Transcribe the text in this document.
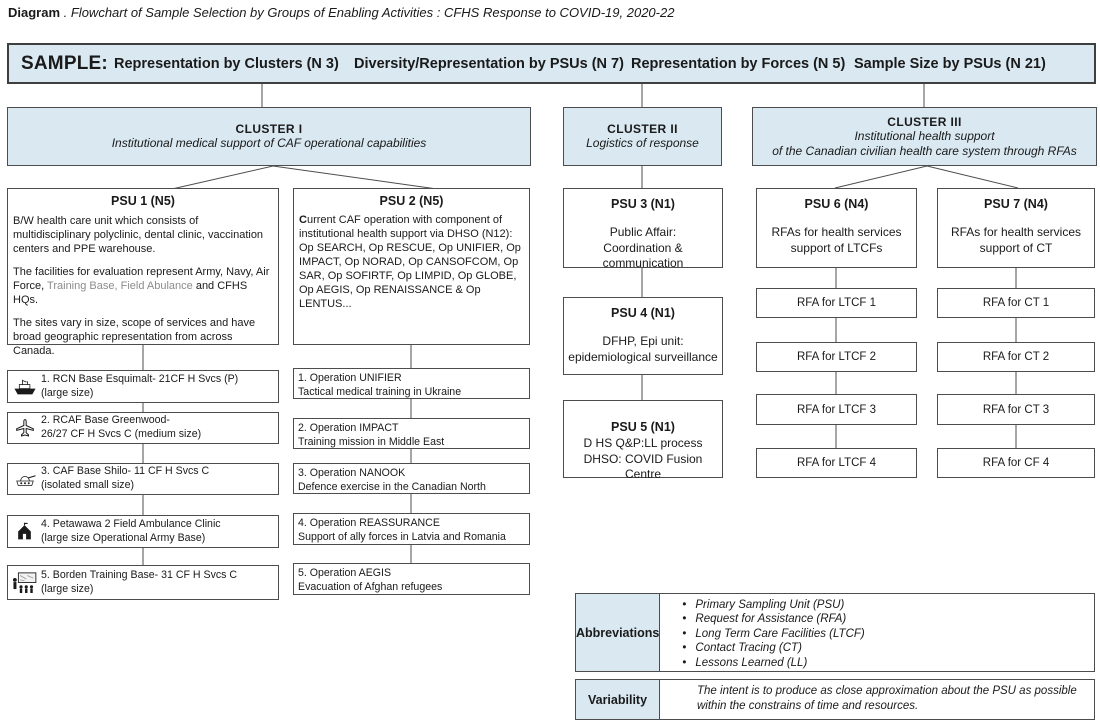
Diagram . Flowchart of Sample Selection by Groups of Enabling Activities : CFHS Response to COVID-19, 2020-22
SAMPLE: Representation by Clusters (N 3) Diversity/Representation by PSUs (N 7) Representation by Forces (N 5) Sample Size by PSUs (N 21)
CLUSTER I
Institutional medical support of CAF operational capabilities
CLUSTER II
Logistics of response
CLUSTER III
Institutional health support
of the Canadian civilian health care system through RFAs
PSU 1 (N5)

B/W health care unit which consists of multidisciplinary polyclinic, dental clinic, vaccination centers and PPE warehouse.

The facilities for evaluation represent Army, Navy, Air Force, Training Base, Field Abulance and CFHS HQs.

The sites vary in size, scope of services and have broad geographic representation from across Canada.

PSU 2 (N5)

Current CAF operation with component of institutional health support via DHSO (N12): Op SEARCH, Op RESCUE, Op UNIFIER, Op IMPACT, Op NORAD, Op CANSOFCOM, Op SAR, Op SOFIRTF, Op LIMPID, Op GLOBE, Op AEGIS, Op RENAISSANCE & Op LENTUS...

PSU 3 (N1)
Public Affair:
Coordination & communication
PSU 4 (N1)
DFHP, Epi unit:
epidemiological surveillance
PSU 5 (N1)
D HS Q&P:LL process
DHSO: COVID Fusion Centre
PSU 6 (N4)
RFAs for health services
support of LTCFs
PSU 7 (N4)
RFAs for health services
support of CT
RFA for LTCF 1
RFA for LTCF 2
RFA for LTCF 3
RFA for LTCF 4
RFA for CT 1
RFA for CT 2
RFA for CT 3
RFA for CF 4
1. RCN Base Esquimalt- 21CF H Svcs (P)
(large size)
2. RCAF Base Greenwood-
26/27 CF H Svcs C (medium size)
3. CAF Base Shilo- 11 CF H Svcs C
(isolated small size)
4. Petawawa 2 Field Ambulance Clinic
(large size Operational Army Base)
5. Borden Training Base- 31 CF H Svcs C
(large size)
1. Operation UNIFIER
Tactical medical training in Ukraine
2. Operation IMPACT
Training mission in Middle East
3. Operation NANOOK
Defence exercise in the Canadian North
4. Operation REASSURANCE
Support of ally forces in Latvia and Romania
5. Operation AEGIS
Evacuation of Afghan refugees
Abbreviations
• Primary Sampling Unit (PSU)
• Request for Assistance (RFA)
• Long Term Care Facilities (LTCF)
• Contact Tracing (CT)
• Lessons Learned (LL)
Variability
The intent is to produce as close approximation about the PSU as possible within the constrains of time and resources.
